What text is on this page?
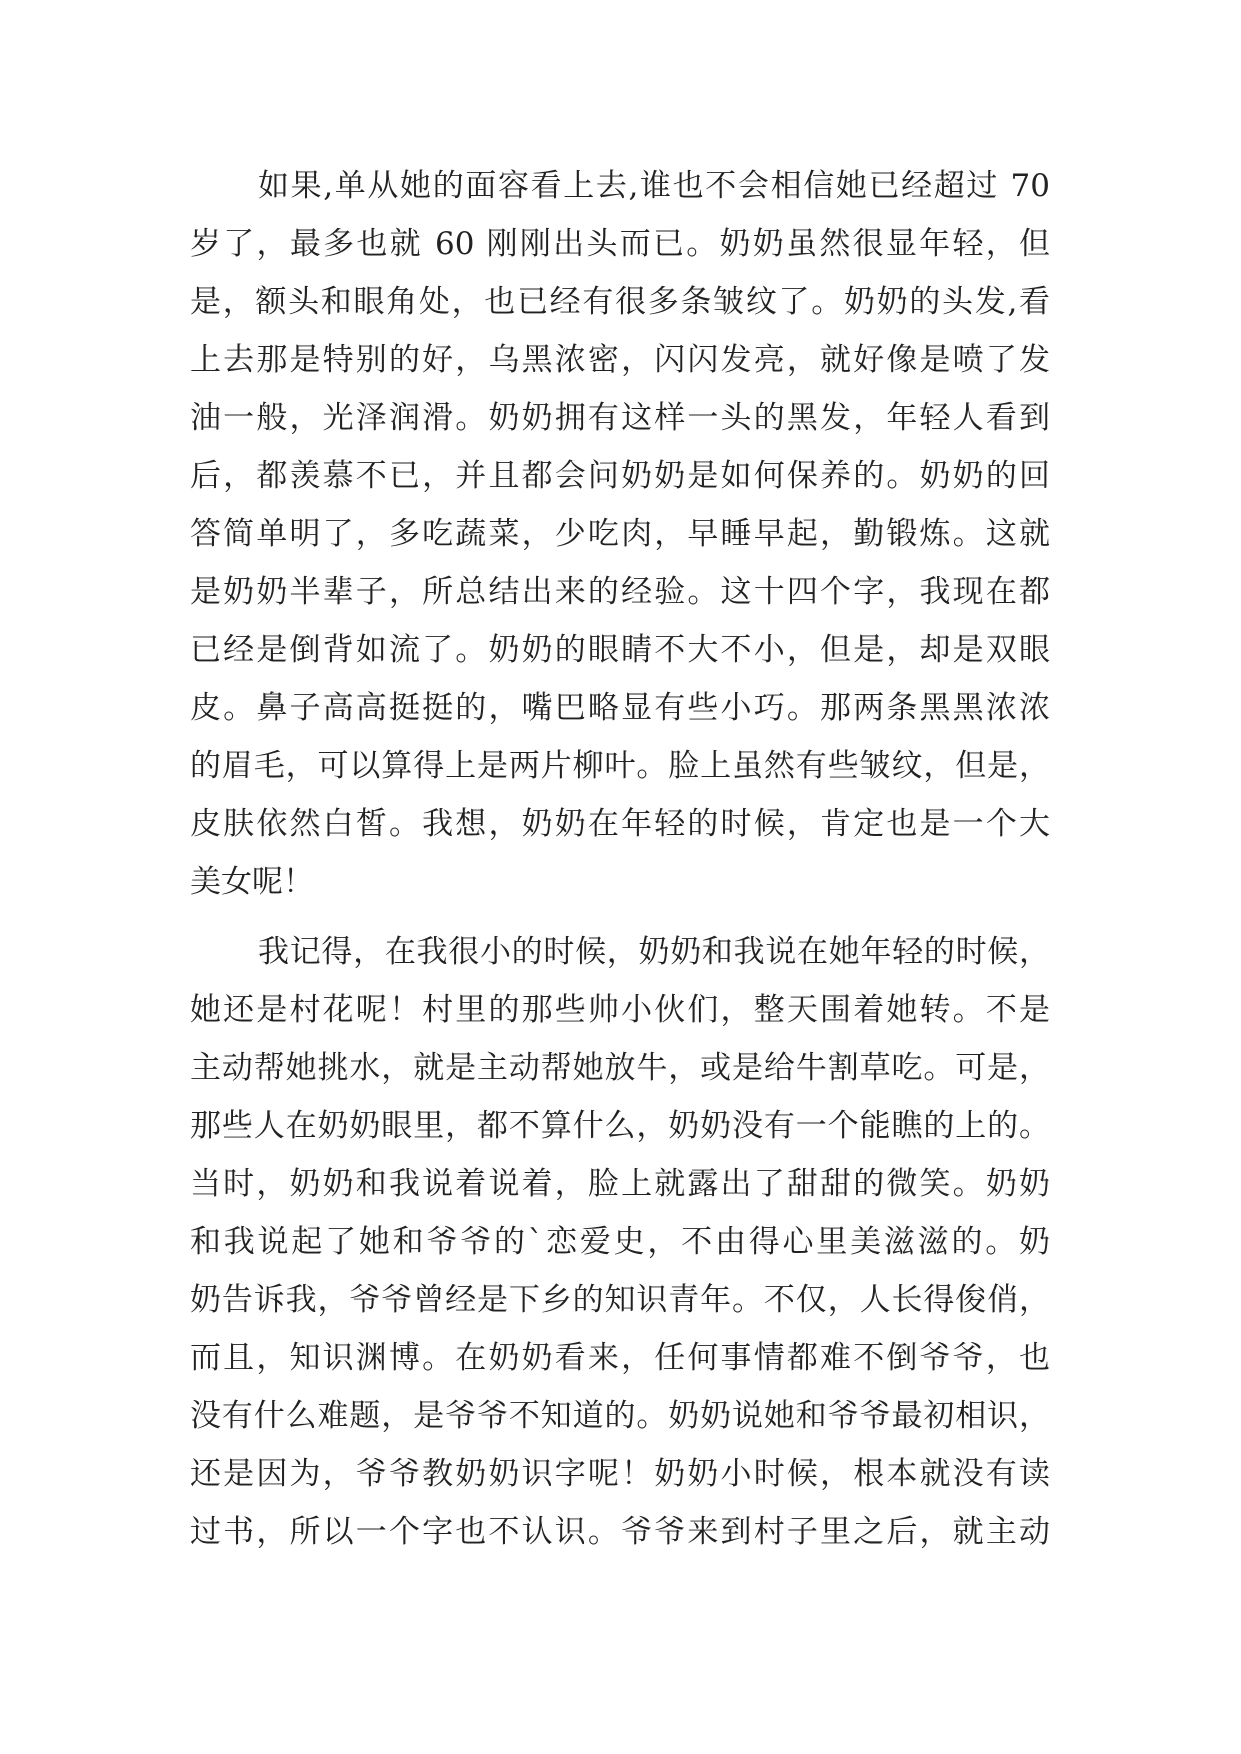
如果,单从她的面容看上去,谁也不会相信她已经超过 70
岁了，最多也就 60 刚刚出头而已。奶奶虽然很显年轻，但
是，额头和眼角处，也已经有很多条皱纹了。奶奶的头发,看
上去那是特别的好，乌黑浓密，闪闪发亮，就好像是喷了发
油一般，光泽润滑。奶奶拥有这样一头的黑发，年轻人看到
后，都羡慕不已，并且都会问奶奶是如何保养的。奶奶的回
答简单明了，多吃蔬菜，少吃肉，早睡早起，勤锻炼。这就
是奶奶半辈子，所总结出来的经验。这十四个字，我现在都
已经是倒背如流了。奶奶的眼睛不大不小，但是，却是双眼
皮。鼻子高高挺挺的，嘴巴略显有些小巧。那两条黑黑浓浓
的眉毛，可以算得上是两片柳叶。脸上虽然有些皱纹，但是，
皮肤依然白皙。我想，奶奶在年轻的时候，肯定也是一个大
美女呢！
我记得，在我很小的时候，奶奶和我说在她年轻的时候，
她还是村花呢！村里的那些帅小伙们，整天围着她转。不是
主动帮她挑水，就是主动帮她放牛，或是给牛割草吃。可是，
那些人在奶奶眼里，都不算什么，奶奶没有一个能瞧的上的。
当时，奶奶和我说着说着，脸上就露出了甜甜的微笑。奶奶
和我说起了她和爷爷的`恋爱史，不由得心里美滋滋的。奶
奶告诉我，爷爷曾经是下乡的知识青年。不仅，人长得俊俏，
而且，知识渊博。在奶奶看来，任何事情都难不倒爷爷，也
没有什么难题，是爷爷不知道的。奶奶说她和爷爷最初相识，
还是因为，爷爷教奶奶识字呢！奶奶小时候，根本就没有读
过书，所以一个字也不认识。爷爷来到村子里之后，就主动
